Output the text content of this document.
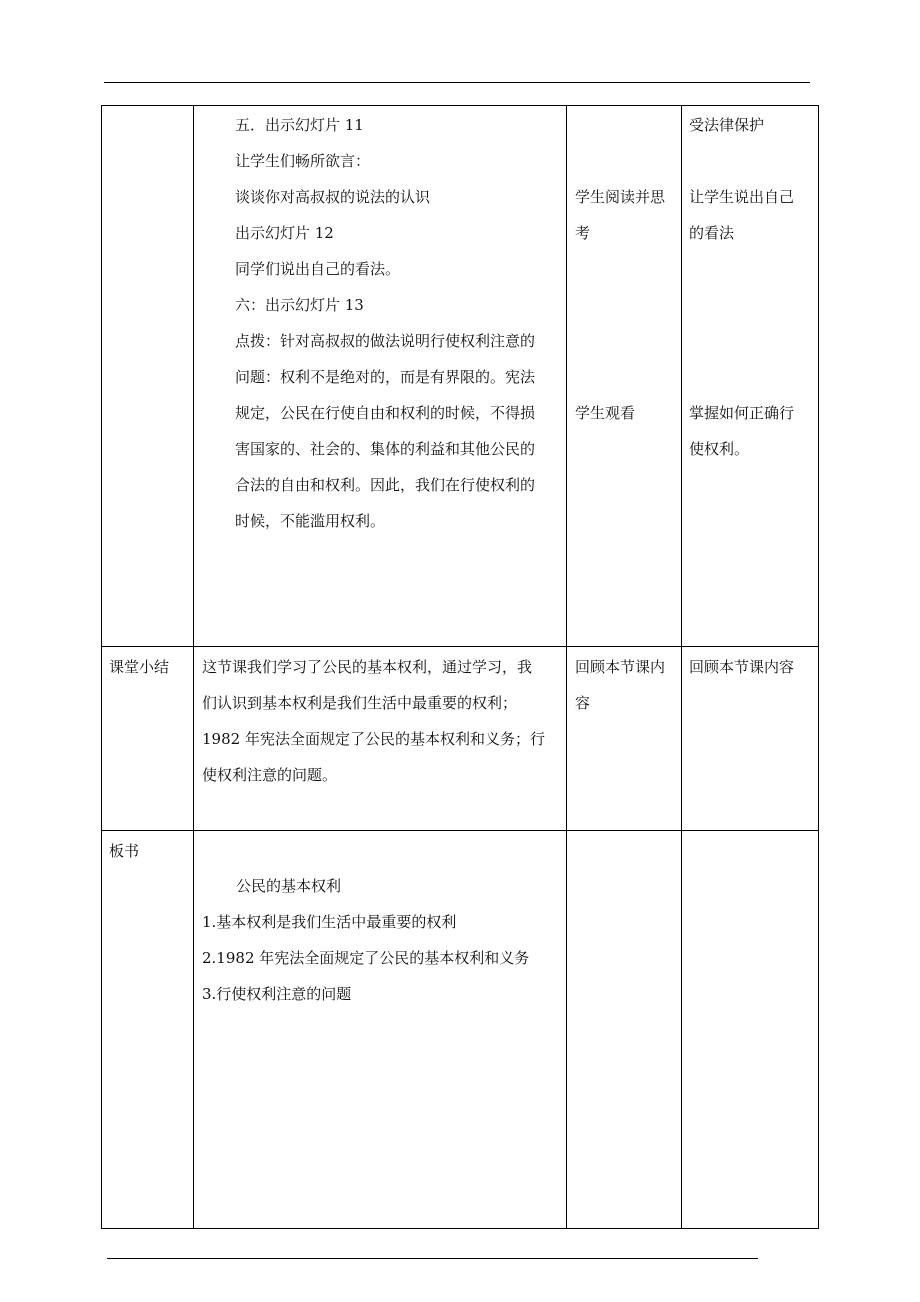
五．出示幻灯片 11

让学生们畅所欲言：

谈谈你对高叔叔的说法的认识

出示幻灯片 12

同学们说出自己的看法。

六：出示幻灯片 13

点拨：针对高叔叔的做法说明行使权利注意的

问题：权利不是绝对的，而是有界限的。宪法

规定，公民在行使自由和权利的时候，不得损

害国家的、社会的、集体的利益和其他公民的

合法的自由和权利。因此，我们在行使权利的

时候，不能滥用权利。

学生阅读并思

考

学生观看

受法律保护

让学生说出自己

的看法

掌握如何正确行

使权利。

课堂小结	这节课我们学习了公民的基本权利，通过学习，我

们认识到基本权利是我们生活中最重要的权利；

1982 年宪法全面规定了公民的基本权利和义务；行

使权利注意的问题。

回顾本节课内

容

回顾本节课内容

板书

公民的基本权利

1.基本权利是我们生活中最重要的权利

2.1982 年宪法全面规定了公民的基本权利和义务

3.行使权利注意的问题
